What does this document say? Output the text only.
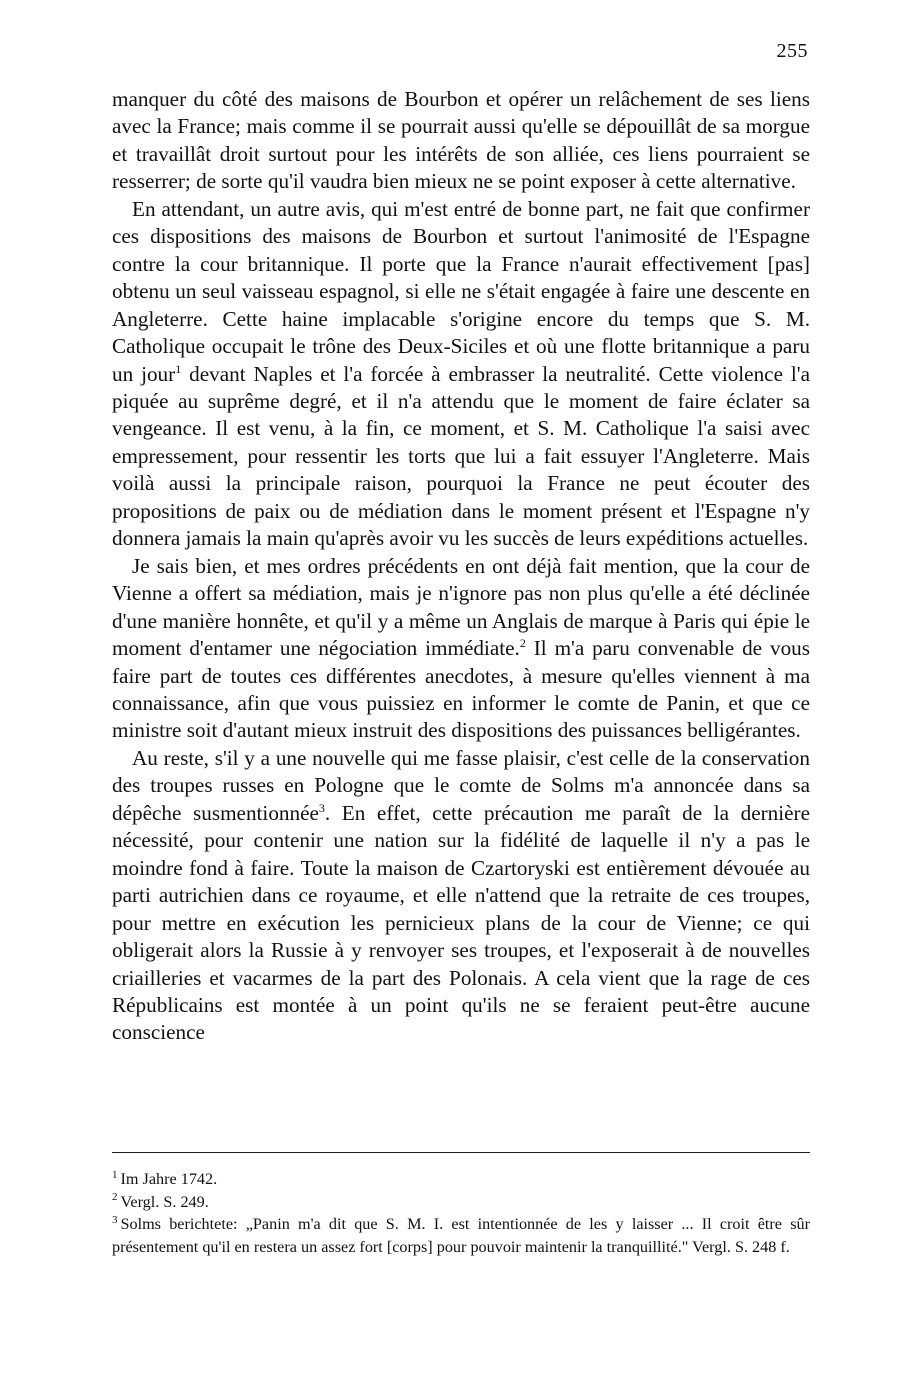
255

manquer du côté des maisons de Bourbon et opérer un relâchement de ses liens avec la France; mais comme il se pourrait aussi qu'elle se dépouillât de sa morgue et travaillât droit surtout pour les intérêts de son alliée, ces liens pourraient se resserrer; de sorte qu'il vaudra bien mieux ne se point exposer à cette alternative.

En attendant, un autre avis, qui m'est entré de bonne part, ne fait que confirmer ces dispositions des maisons de Bourbon et surtout l'animosité de l'Espagne contre la cour britannique. Il porte que la France n'aurait effectivement [pas] obtenu un seul vaisseau espagnol, si elle ne s'était engagée à faire une descente en Angleterre. Cette haine implacable s'origine encore du temps que S. M. Catholique occupait le trône des Deux-Siciles et où une flotte britannique a paru un jour$^1$ devant Naples et l'a forcée à embrasser la neutralité. Cette violence l'a piquée au suprême degré, et il n'a attendu que le moment de faire éclater sa vengeance. Il est venu, à la fin, ce moment, et S. M. Catholique l'a saisi avec empressement, pour ressentir les torts que lui a fait essuyer l'Angleterre. Mais voilà aussi la principale raison, pourquoi la France ne peut écouter des propositions de paix ou de médiation dans le moment présent et l'Espagne n'y donnera jamais la main qu'après avoir vu les succès de leurs expéditions actuelles.

Je sais bien, et mes ordres précédents en ont déjà fait mention, que la cour de Vienne a offert sa médiation, mais je n'ignore pas non plus qu'elle a été déclinée d'une manière honnête, et qu'il y a même un Anglais de marque à Paris qui épie le moment d'entamer une négociation immédiate.$^2$ Il m'a paru convenable de vous faire part de toutes ces différentes anecdotes, à mesure qu'elles viennent à ma connaissance, afin que vous puissiez en informer le comte de Panin, et que ce ministre soit d'autant mieux instruit des dispositions des puissances belligérantes.

Au reste, s'il y a une nouvelle qui me fasse plaisir, c'est celle de la conservation des troupes russes en Pologne que le comte de Solms m'a annoncée dans sa dépêche susmentionnée$^3$. En effet, cette précaution me paraît de la dernière nécessité, pour contenir une nation sur la fidélité de laquelle il n'y a pas le moindre fond à faire. Toute la maison de Czartoryski est entièrement dévouée au parti autrichien dans ce royaume, et elle n'attend que la retraite de ces troupes, pour mettre en exécution les pernicieux plans de la cour de Vienne; ce qui obligerait alors la Russie à y renvoyer ses troupes, et l'exposerait à de nouvelles criailleries et vacarmes de la part des Polonais. A cela vient que la rage de ces Républicains est montée à un point qu'ils ne se feraient peut-être aucune conscience

$^1$ Im Jahre 1742.

$^2$ Vergl. S. 249.

$^3$ Solms berichtete: „Panin m'a dit que S. M. I. est intentionnée de les y laisser ... Il croit être sûr présentement qu'il en restera un assez fort [corps] pour pouvoir maintenir la tranquillité." Vergl. S. 248 f.
